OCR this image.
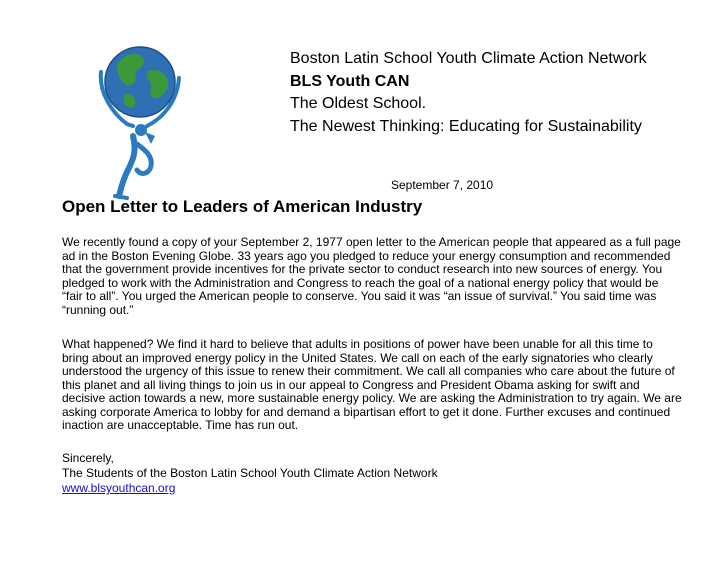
Boston Latin School Youth Climate Action Network
BLS Youth CAN
The Oldest School.
The Newest Thinking: Educating for Sustainability
September 7, 2010
Open Letter to Leaders of American Industry

We recently found a copy of your September 2, 1977 open letter to the American people that appeared as a full page ad in the Boston Evening Globe. 33 years ago you pledged to reduce your energy consumption and recommended that the government provide incentives for the private sector to conduct research into new sources of energy. You pledged to work with the Administration and Congress to reach the goal of a national energy policy that would be “fair to all”. You urged the American people to conserve. You said it was “an issue of survival.” You said time was “running out.”

What happened? We find it hard to believe that adults in positions of power have been unable for all this time to bring about an improved energy policy in the United States. We call on each of the early signatories who clearly understood the urgency of this issue to renew their commitment. We call all companies who care about the future of this planet and all living things to join us in our appeal to Congress and President Obama asking for swift and decisive action towards a new, more sustainable energy policy. We are asking the Administration to try again. We are asking corporate America to lobby for and demand a bipartisan effort to get it done. Further excuses and continued inaction are unacceptable. Time has run out.

Sincerely,
The Students of the Boston Latin School Youth Climate Action Network
www.blsyouthcan.org
